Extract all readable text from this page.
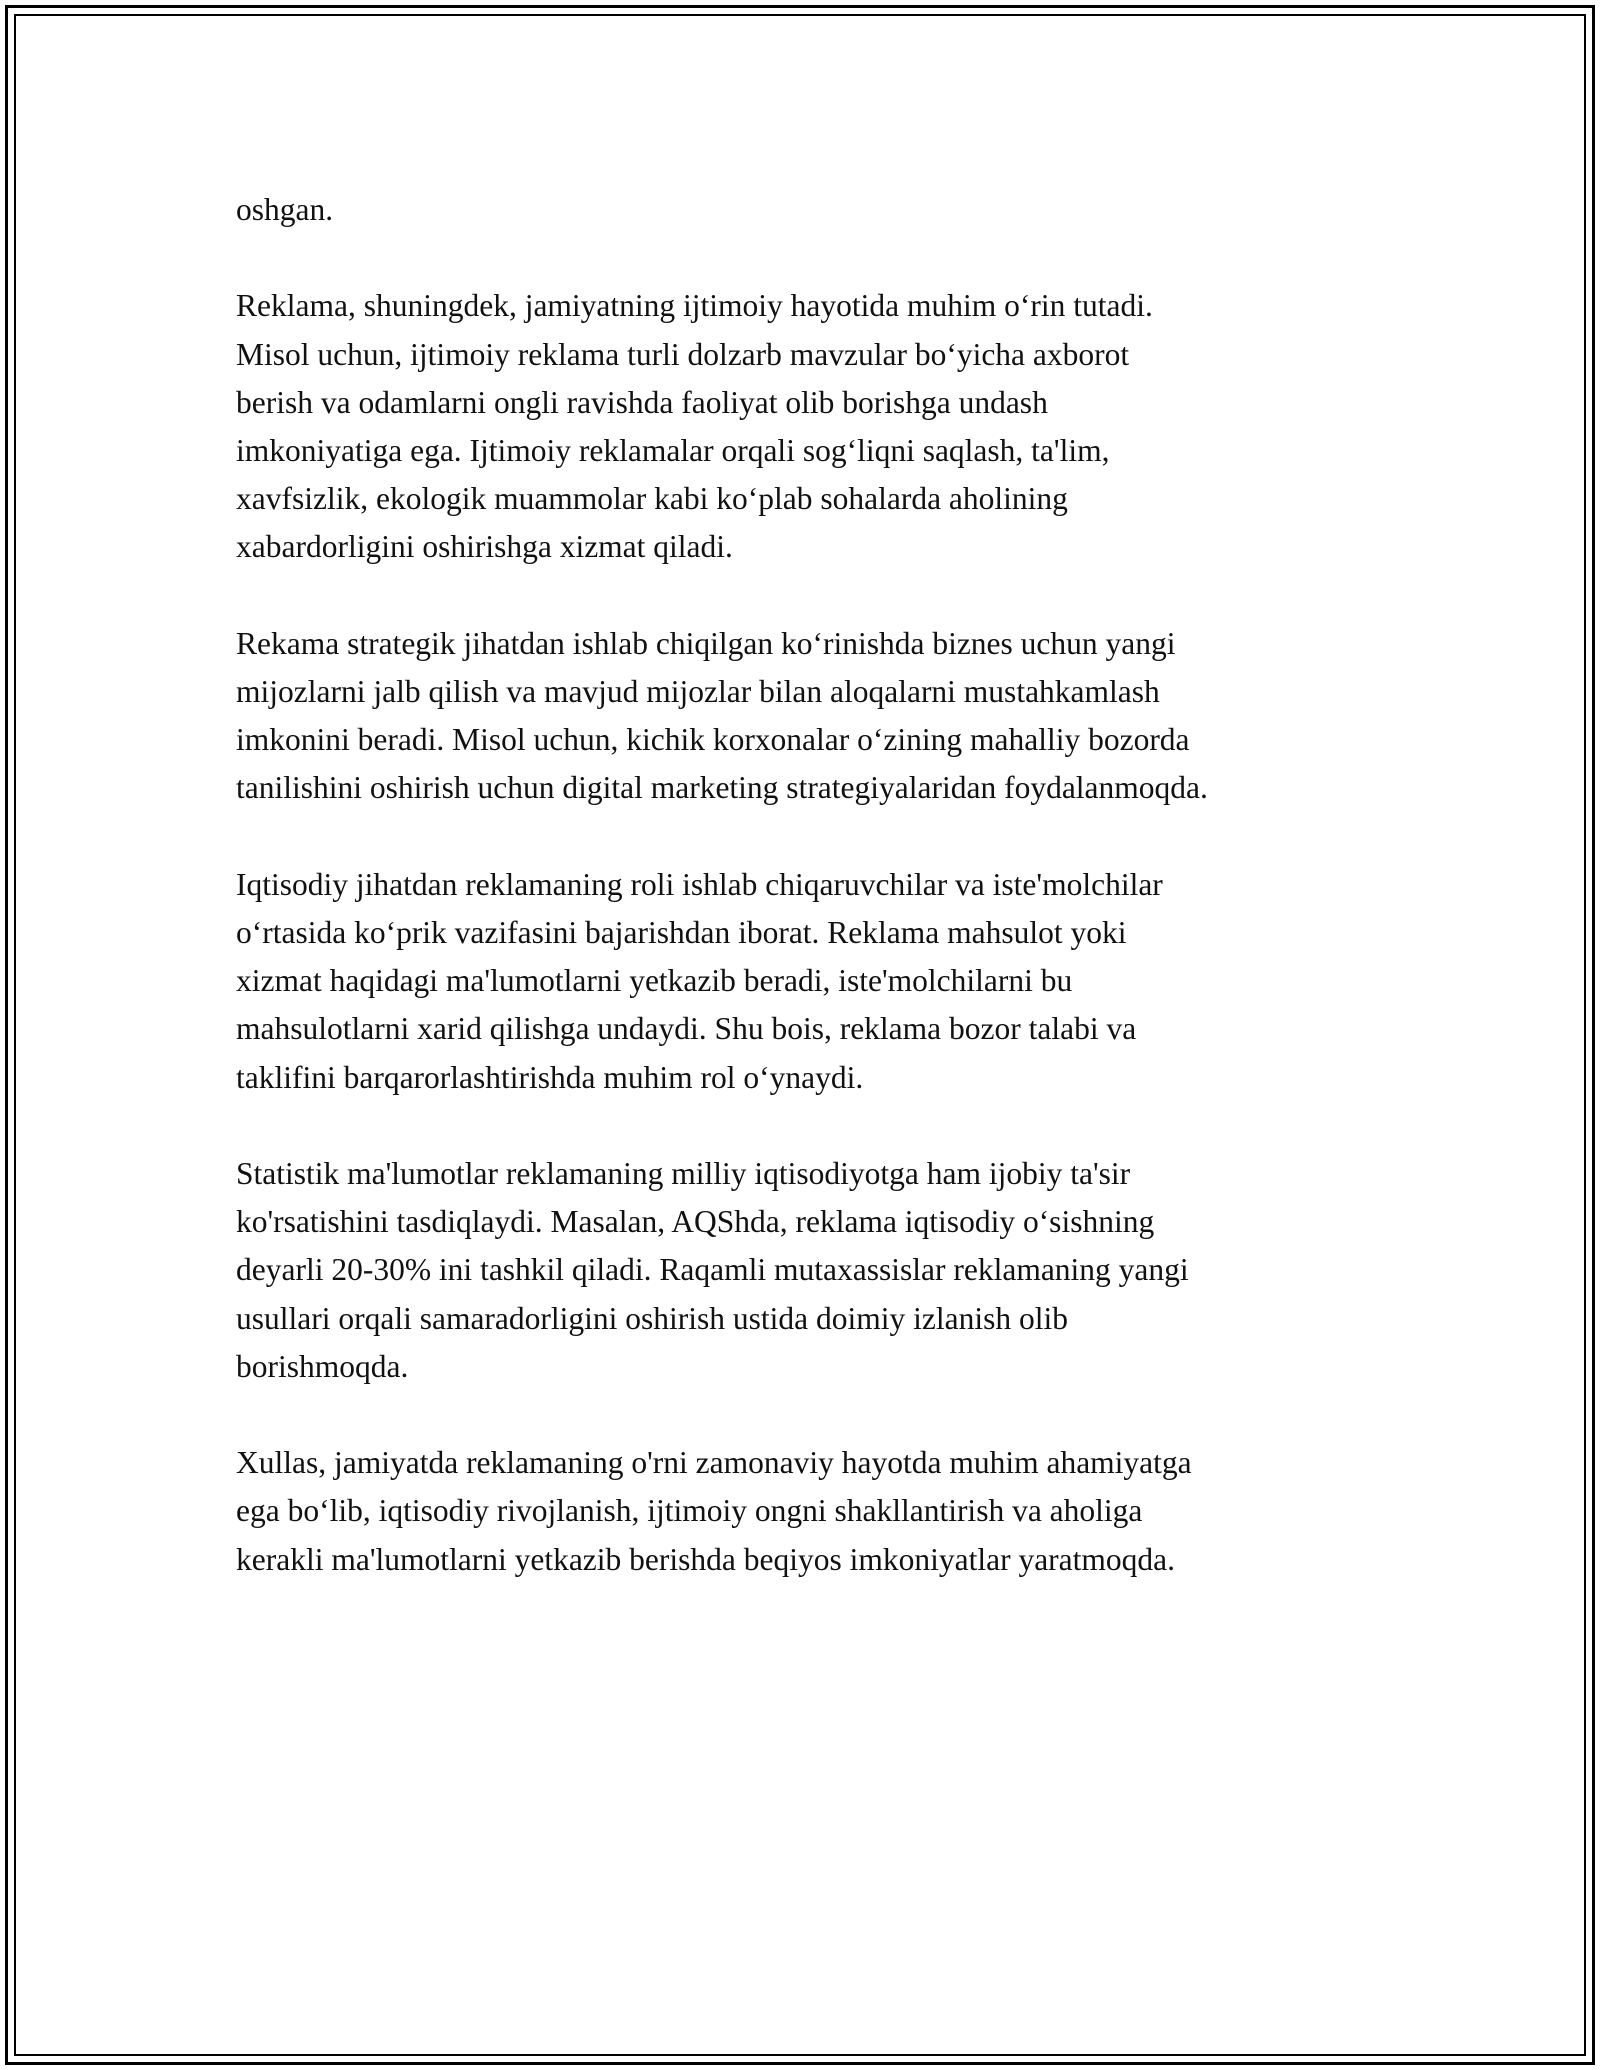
oshgan.

Reklama, shuningdek, jamiyatning ijtimoiy hayotida muhim o‘rin tutadi.
Misol uchun, ijtimoiy reklama turli dolzarb mavzular bo‘yicha axborot
berish va odamlarni ongli ravishda faoliyat olib borishga undash
imkoniyatiga ega. Ijtimoiy reklamalar orqali sog‘liqni saqlash, ta'lim,
xavfsizlik, ekologik muammolar kabi ko‘plab sohalarda aholining
xabardorligini oshirishga xizmat qiladi.

Rekama strategik jihatdan ishlab chiqilgan ko‘rinishda biznes uchun yangi
mijozlarni jalb qilish va mavjud mijozlar bilan aloqalarni mustahkamlash
imkonini beradi. Misol uchun, kichik korxonalar o‘zining mahalliy bozorda
tanilishini oshirish uchun digital marketing strategiyalaridan foydalanmoqda.

Iqtisodiy jihatdan reklamaning roli ishlab chiqaruvchilar va iste'molchilar
o‘rtasida ko‘prik vazifasini bajarishdan iborat. Reklama mahsulot yoki
xizmat haqidagi ma'lumotlarni yetkazib beradi, iste'molchilarni bu
mahsulotlarni xarid qilishga undaydi. Shu bois, reklama bozor talabi va
taklifini barqarorlashtirishda muhim rol o‘ynaydi.

Statistik ma'lumotlar reklamaning milliy iqtisodiyotga ham ijobiy ta'sir
ko'rsatishini tasdiqlaydi. Masalan, AQShda, reklama iqtisodiy o‘sishning
deyarli 20-30% ini tashkil qiladi. Raqamli mutaxassislar reklamaning yangi
usullari orqali samaradorligini oshirish ustida doimiy izlanish olib
borishmoqda.

Xullas, jamiyatda reklamaning o'rni zamonaviy hayotda muhim ahamiyatga
ega bo‘lib, iqtisodiy rivojlanish, ijtimoiy ongni shakllantirish va aholiga
kerakli ma'lumotlarni yetkazib berishda beqiyos imkoniyatlar yaratmoqda.
